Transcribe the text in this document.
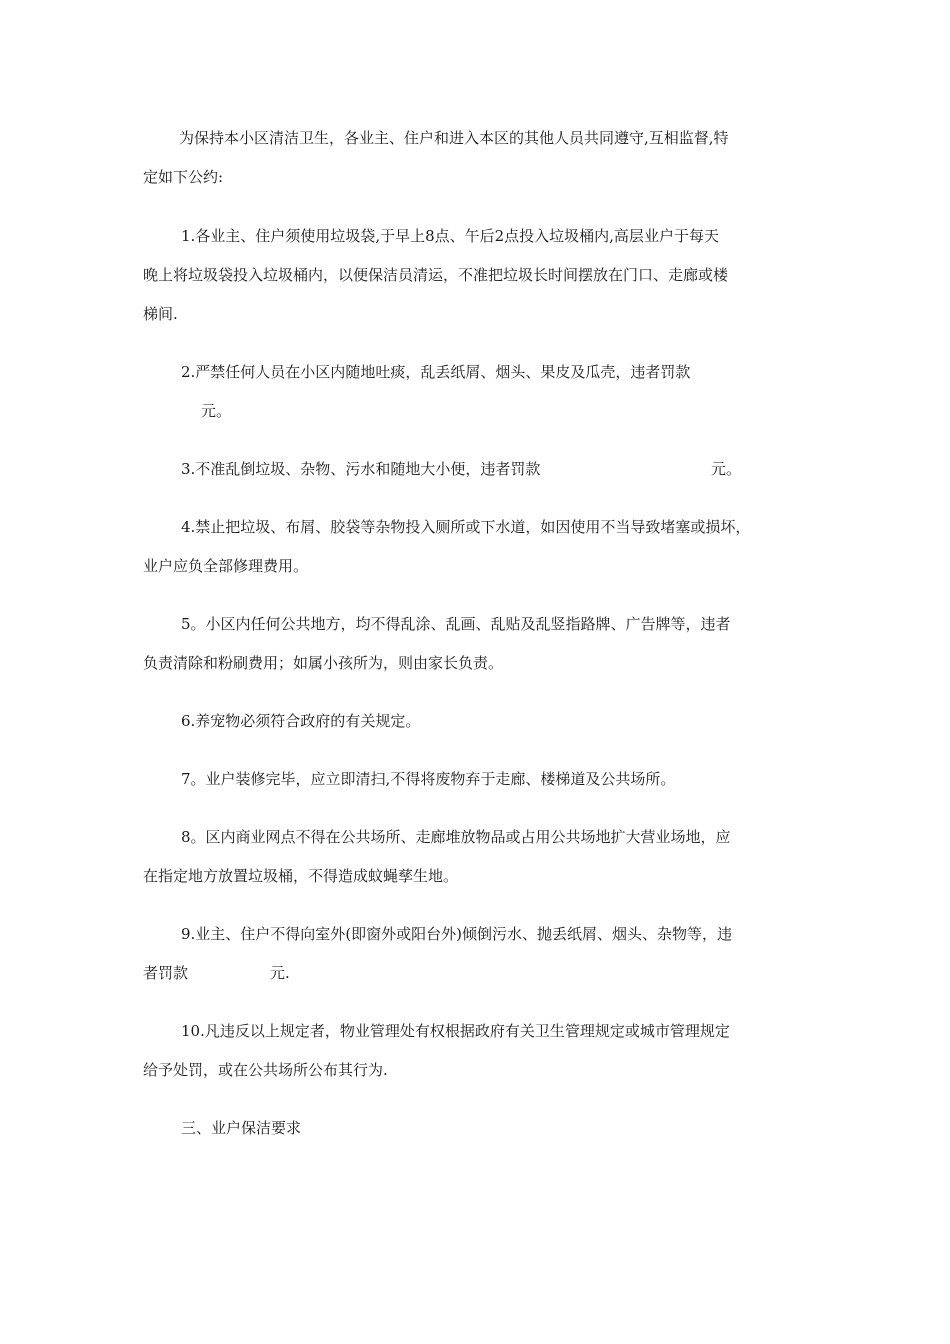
为保持本小区清洁卫生，各业主、住户和进入本区的其他人员共同遵守,互相监督,特

定如下公约:

1.各业主、住户须使用垃圾袋,于早上8点、午后2点投入垃圾桶内,高层业户于每天

晚上将垃圾袋投入垃圾桶内，以便保洁员清运，不准把垃圾长时间摆放在门口、走廊或楼

梯间.

2.严禁任何人员在小区内随地吐痰，乱丢纸屑、烟头、果皮及瓜壳，违者罚款

元。

3.不准乱倒垃圾、杂物、污水和随地大小便，违者罚款	元。

4.禁止把垃圾、布屑、胶袋等杂物投入厕所或下水道，如因使用不当导致堵塞或损坏，

业户应负全部修理费用。

5。小区内任何公共地方，均不得乱涂、乱画、乱贴及乱竖指路牌、广告牌等，违者

负责清除和粉刷费用；如属小孩所为，则由家长负责。

6.养宠物必须符合政府的有关规定。

7。业户装修完毕，应立即清扫,不得将废物弃于走廊、楼梯道及公共场所。

8。区内商业网点不得在公共场所、走廊堆放物品或占用公共场地扩大营业场地，应

在指定地方放置垃圾桶，不得造成蚊蝇孳生地。

9.业主、住户不得向室外(即窗外或阳台外)倾倒污水、抛丢纸屑、烟头、杂物等，违

者罚款	元.

10.凡违反以上规定者，物业管理处有权根据政府有关卫生管理规定或城市管理规定

给予处罚，或在公共场所公布其行为.

三、业户保洁要求
